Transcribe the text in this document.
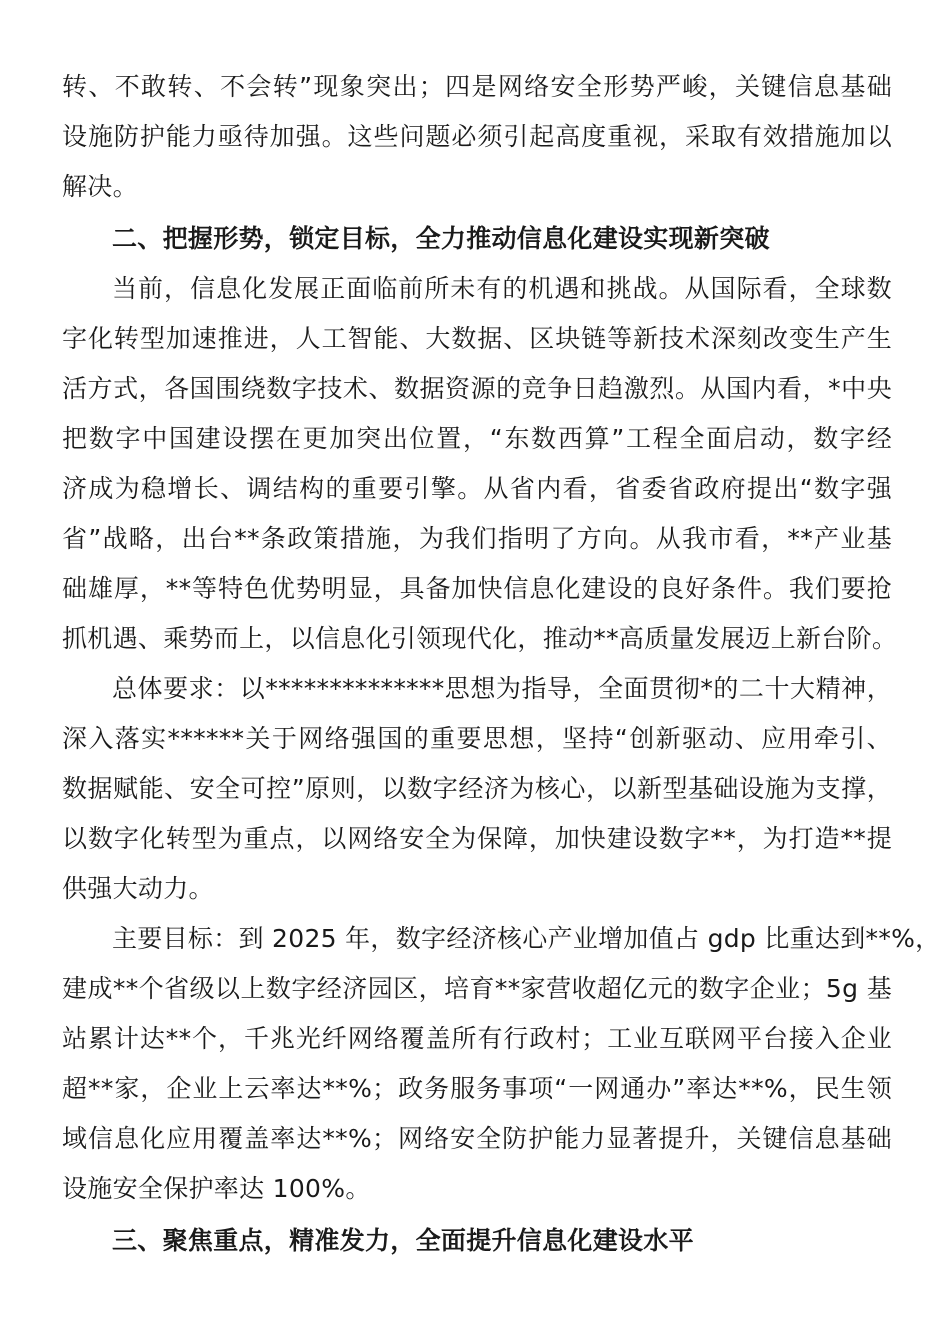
转、不敢转、不会转”现象突出；四是网络安全形势严峻，关键信息基础
设施防护能力亟待加强。这些问题必须引起高度重视，采取有效措施加以
解决。
二、把握形势，锁定目标，全力推动信息化建设实现新突破
当前，信息化发展正面临前所未有的机遇和挑战。从国际看，全球数
字化转型加速推进，人工智能、大数据、区块链等新技术深刻改变生产生
活方式，各国围绕数字技术、数据资源的竞争日趋激烈。从国内看，*中央
把数字中国建设摆在更加突出位置，“东数西算”工程全面启动，数字经
济成为稳增长、调结构的重要引擎。从省内看，省委省政府提出“数字强
省”战略，出台**条政策措施，为我们指明了方向。从我市看，**产业基
础雄厚，**等特色优势明显，具备加快信息化建设的良好条件。我们要抢
抓机遇、乘势而上，以信息化引领现代化，推动**高质量发展迈上新台阶。
总体要求：以**************思想为指导，全面贯彻*的二十大精神，
深入落实******关于网络强国的重要思想，坚持“创新驱动、应用牵引、
数据赋能、安全可控”原则，以数字经济为核心，以新型基础设施为支撑，
以数字化转型为重点，以网络安全为保障，加快建设数字**，为打造**提
供强大动力。
主要目标：到 2025 年，数字经济核心产业增加值占 gdp 比重达到**%，
建成**个省级以上数字经济园区，培育**家营收超亿元的数字企业；5g 基
站累计达**个，千兆光纤网络覆盖所有行政村；工业互联网平台接入企业
超**家，企业上云率达**%；政务服务事项“一网通办”率达**%，民生领
域信息化应用覆盖率达**%；网络安全防护能力显著提升，关键信息基础
设施安全保护率达 100%。
三、聚焦重点，精准发力，全面提升信息化建设水平
